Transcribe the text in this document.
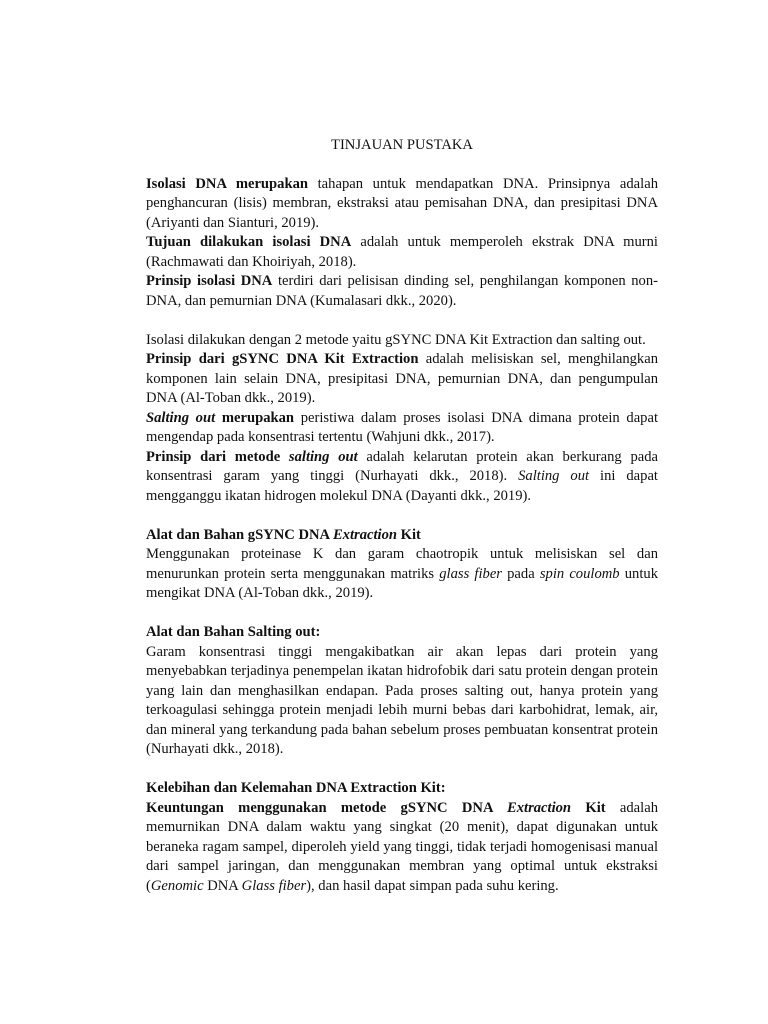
TINJAUAN PUSTAKA

Isolasi DNA merupakan tahapan untuk mendapatkan DNA. Prinsipnya adalah penghancuran (lisis) membran, ekstraksi atau pemisahan DNA, dan presipitasi DNA (Ariyanti dan Sianturi, 2019).

Tujuan dilakukan isolasi DNA adalah untuk memperoleh ekstrak DNA murni (Rachmawati dan Khoiriyah, 2018).

Prinsip isolasi DNA terdiri dari pelisisan dinding sel, penghilangan komponen non-DNA, dan pemurnian DNA (Kumalasari dkk., 2020).

Isolasi dilakukan dengan 2 metode yaitu gSYNC DNA Kit Extraction dan salting out.

Prinsip dari gSYNC DNA Kit Extraction adalah melisiskan sel, menghilangkan komponen lain selain DNA, presipitasi DNA, pemurnian DNA, dan pengumpulan DNA (Al-Toban dkk., 2019).

Salting out merupakan peristiwa dalam proses isolasi DNA dimana protein dapat mengendap pada konsentrasi tertentu (Wahjuni dkk., 2017).

Prinsip dari metode salting out adalah kelarutan protein akan berkurang pada konsentrasi garam yang tinggi (Nurhayati dkk., 2018). Salting out ini dapat mengganggu ikatan hidrogen molekul DNA (Dayanti dkk., 2019).

Alat dan Bahan gSYNC DNA Extraction Kit

Menggunakan proteinase K dan garam chaotropik untuk melisiskan sel dan menurunkan protein serta menggunakan matriks glass fiber pada spin coulomb untuk mengikat DNA (Al-Toban dkk., 2019).

Alat dan Bahan Salting out:

Garam konsentrasi tinggi mengakibatkan air akan lepas dari protein yang menyebabkan terjadinya penempelan ikatan hidrofobik dari satu protein dengan protein yang lain dan menghasilkan endapan. Pada proses salting out, hanya protein yang terkoagulasi sehingga protein menjadi lebih murni bebas dari karbohidrat, lemak, air, dan mineral yang terkandung pada bahan sebelum proses pembuatan konsentrat protein (Nurhayati dkk., 2018).

Kelebihan dan Kelemahan DNA Extraction Kit:

Keuntungan menggunakan metode gSYNC DNA Extraction Kit adalah memurnikan DNA dalam waktu yang singkat (20 menit), dapat digunakan untuk beraneka ragam sampel, diperoleh yield yang tinggi, tidak terjadi homogenisasi manual dari sampel jaringan, dan menggunakan membran yang optimal untuk ekstraksi (Genomic DNA Glass fiber), dan hasil dapat simpan pada suhu kering.
